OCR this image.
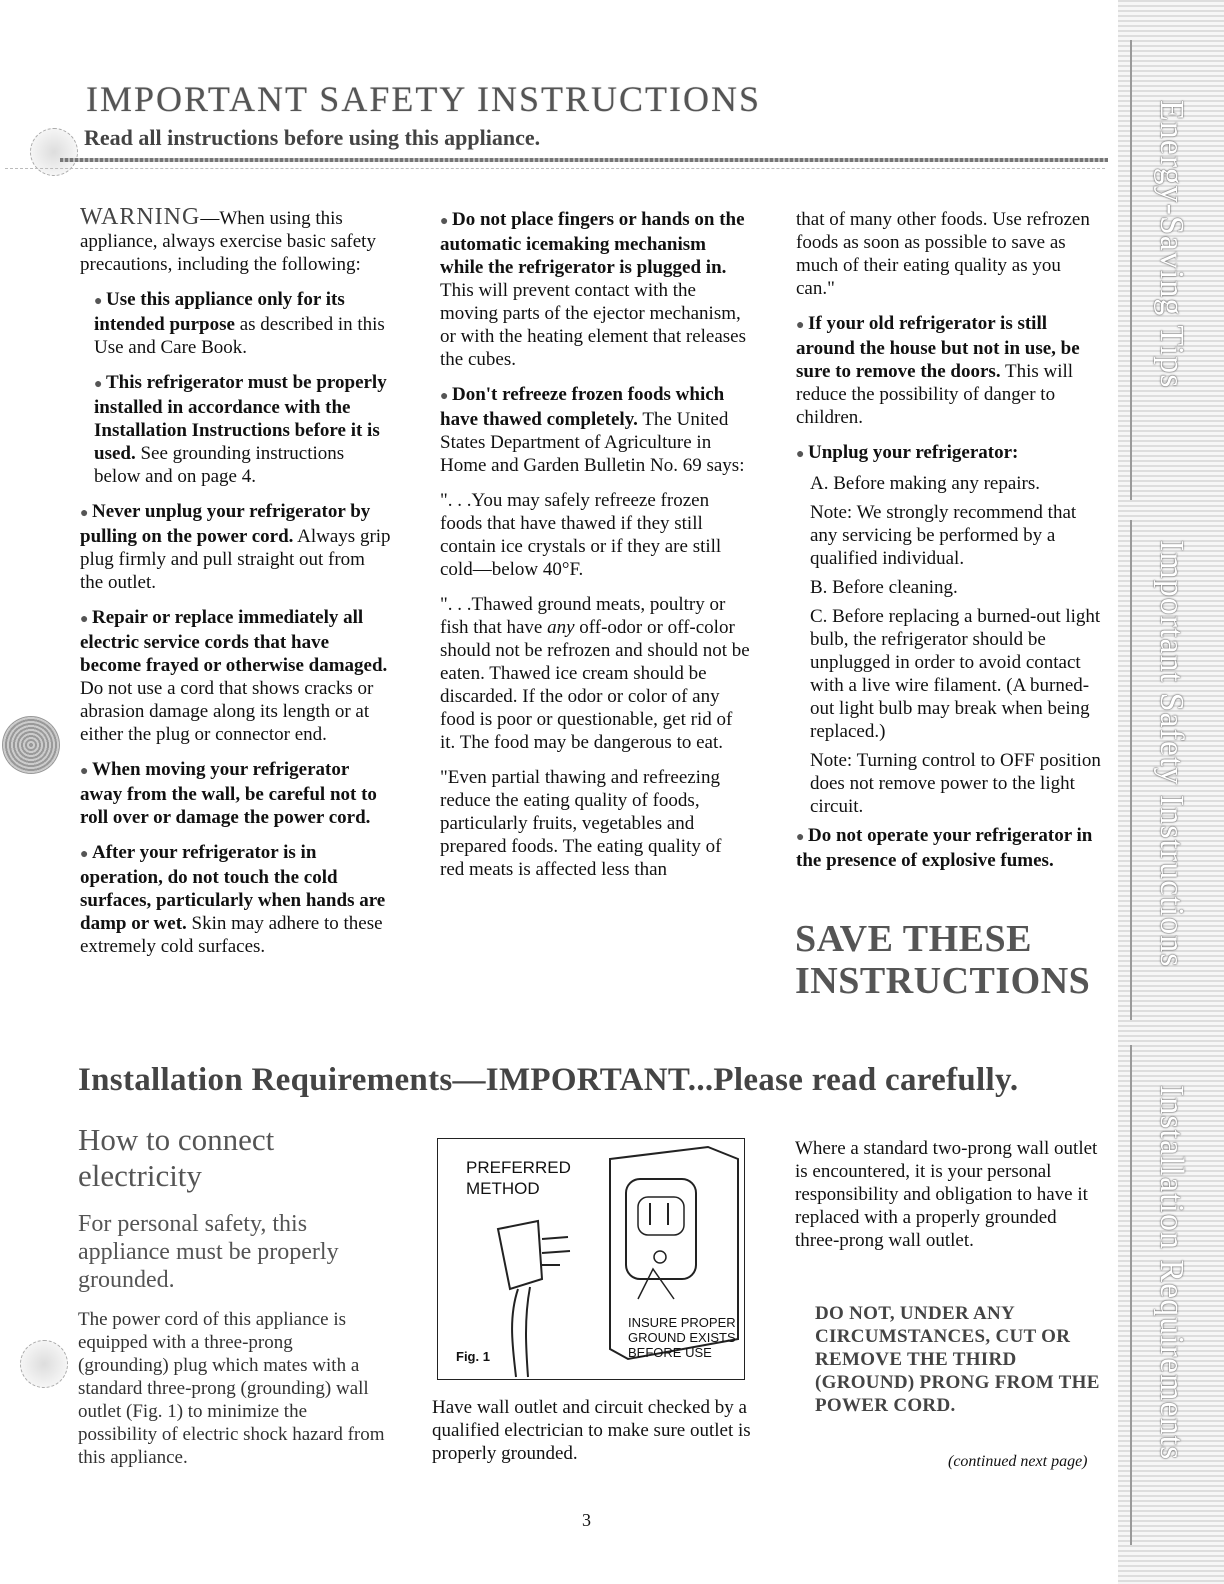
IMPORTANT SAFETY INSTRUCTIONS
Read all instructions before using this appliance.

WARNING—When using this appliance, always exercise basic safety precautions, including the following:

● Use this appliance only for its intended purpose as described in this Use and Care Book.

● This refrigerator must be properly installed in accordance with the Installation Instructions before it is used. See grounding instructions below and on page 4.

● Never unplug your refrigerator by pulling on the power cord. Always grip plug firmly and pull straight out from the outlet.

● Repair or replace immediately all electric service cords that have become frayed or otherwise damaged. Do not use a cord that shows cracks or abrasion damage along its length or at either the plug or connector end.

● When moving your refrigerator away from the wall, be careful not to roll over or damage the power cord.

● After your refrigerator is in operation, do not touch the cold surfaces, particularly when hands are damp or wet. Skin may adhere to these extremely cold surfaces.

● Do not place fingers or hands on the automatic icemaking mechanism while the refrigerator is plugged in. This will prevent contact with the moving parts of the ejector mechanism, or with the heating element that releases the cubes.

● Don't refreeze frozen foods which have thawed completely. The United States Department of Agriculture in Home and Garden Bulletin No. 69 says:

". . .You may safely refreeze frozen foods that have thawed if they still contain ice crystals or if they are still cold—below 40°F.

". . .Thawed ground meats, poultry or fish that have any off-odor or off-color should not be refrozen and should not be eaten. Thawed ice cream should be discarded. If the odor or color of any food is poor or questionable, get rid of it. The food may be dangerous to eat.

"Even partial thawing and refreezing reduce the eating quality of foods, particularly fruits, vegetables and prepared foods. The eating quality of red meats is affected less than

that of many other foods. Use refrozen foods as soon as possible to save as much of their eating quality as you can."

● If your old refrigerator is still around the house but not in use, be sure to remove the doors. This will reduce the possibility of danger to children.

● Unplug your refrigerator:

A. Before making any repairs.

Note: We strongly recommend that any servicing be performed by a qualified individual.

B. Before cleaning.

C. Before replacing a burned-out light bulb, the refrigerator should be unplugged in order to avoid contact with a live wire filament. (A burned-out light bulb may break when being replaced.)

Note: Turning control to OFF position does not remove power to the light circuit.

● Do not operate your refrigerator in the presence of explosive fumes.

SAVE THESE
INSTRUCTIONS
Installation Requirements—IMPORTANT...Please read carefully.
How to connect electricity
For personal safety, this appliance must be properly grounded.
The power cord of this appliance is equipped with a three-prong (grounding) plug which mates with a standard three-prong (grounding) wall outlet (Fig. 1) to minimize the possibility of electric shock hazard from this appliance.
PREFERRED METHOD
INSURE PROPER GROUND EXISTS BEFORE USE
Fig. 1
Have wall outlet and circuit checked by a qualified electrician to make sure outlet is properly grounded.
Where a standard two-prong wall outlet is encountered, it is your personal responsibility and obligation to have it replaced with a properly grounded three-prong wall outlet.
DO NOT, UNDER ANY CIRCUMSTANCES, CUT OR REMOVE THE THIRD (GROUND) PRONG FROM THE POWER CORD.
(continued next page)
3
Energy-Saving Tips
Important Safety Instructions
Installation Requirements
